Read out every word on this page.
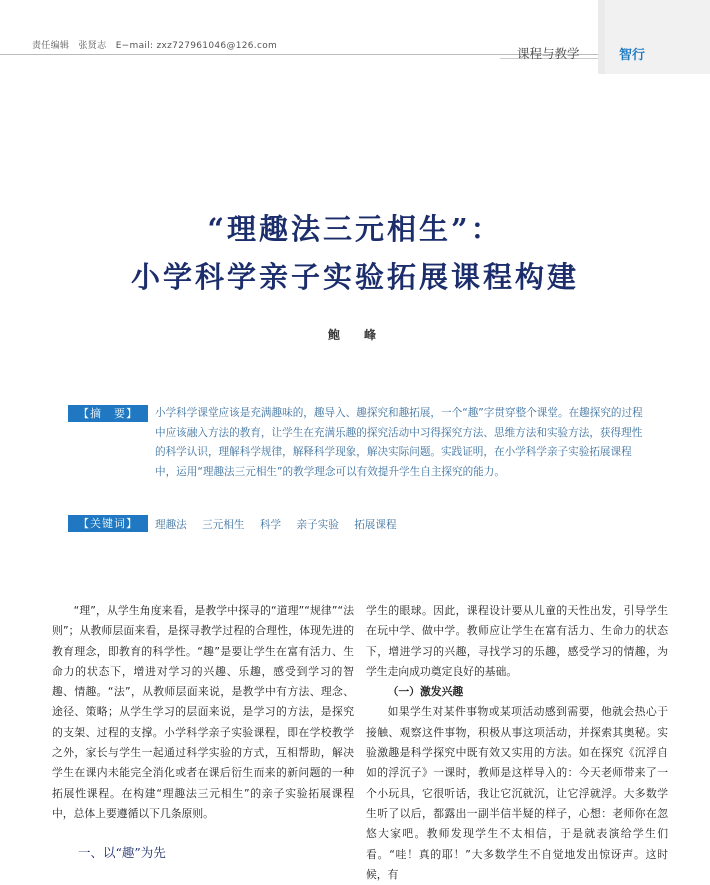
责任编辑　张贤志　E−mail: zxz727961046@126.com	课程与教学	智行
“理趣法三元相生”：
小学科学亲子实验拓展课程构建
鲍　峰
【摘　要】	小学科学课堂应该是充满趣味的，趣导入、趣探究和趣拓展，一个“趣”字贯穿整个课堂。在趣探究的过程中应该融入方法的教育，让学生在充满乐趣的探究活动中习得探究方法、思维方法和实验方法，获得理性的科学认识，理解科学规律，解释科学现象，解决实际问题。实践证明，在小学科学亲子实验拓展课程中，运用“理趣法三元相生”的教学理念可以有效提升学生自主探究的能力。
【关键词】	理趣法 三元相生 科学 亲子实验 拓展课程

“理”，从学生角度来看，是教学中探寻的“道理”“规律”“法则”；从教师层面来看，是探寻教学过程的合理性，体现先进的教育理念，即教育的科学性。“趣”是要让学生在富有活力、生命力的状态下，增进对学习的兴趣、乐趣，感受到学习的智趣、情趣。“法”，从教师层面来说，是教学中有方法、理念、途径、策略；从学生学习的层面来说，是学习的方法，是探究的支架、过程的支撑。小学科学亲子实验课程，即在学校教学之外，家长与学生一起通过科学实验的方式，互相帮助，解决学生在课内未能完全消化或者在课后衍生而来的新问题的一种拓展性课程。在构建“理趣法三元相生”的亲子实验拓展课程中，总体上要遵循以下几条原则。

一、以“趣”为先

学生的眼球。因此，课程设计要从儿童的天性出发，引导学生在玩中学、做中学。教师应让学生在富有活力、生命力的状态下，增进学习的兴趣，寻找学习的乐趣，感受学习的情趣，为学生走向成功奠定良好的基础。

（一）激发兴趣

如果学生对某件事物或某项活动感到需要，他就会热心于接触、观察这件事物，积极从事这项活动，并探索其奥秘。实验激趣是科学探究中既有效又实用的方法。如在探究《沉浮自如的浮沉子》一课时，教师是这样导入的：今天老师带来了一个小玩具，它很听话，我让它沉就沉，让它浮就浮。大多数学生听了以后，都露出一副半信半疑的样子，心想：老师你在忽悠大家吧。教师发现学生不太相信，于是就表演给学生们看。“哇！真的耶！”大多数学生不自觉地发出惊讶声。这时候，有
